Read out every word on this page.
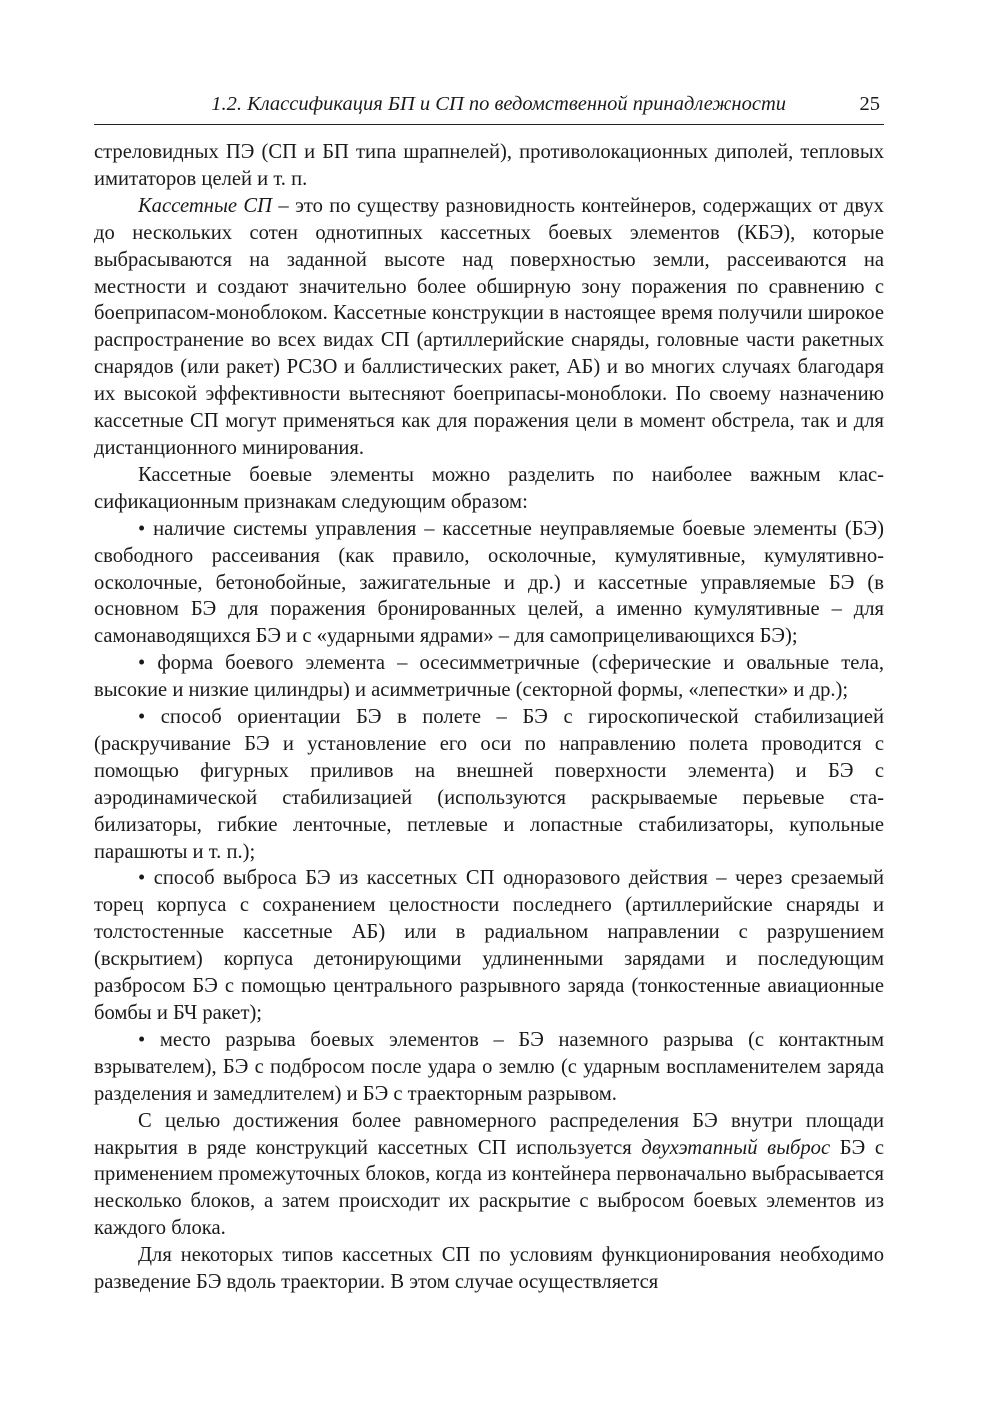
1.2. Классификация БП и СП по ведомственной принадлежности	25

стреловидных ПЭ (СП и БП типа шрапнелей), противолокационных диполей, тепловых имитаторов целей и т. п.

Кассетные СП – это по существу разновидность контейнеров, содержащих от двух до нескольких сотен однотипных кассетных боевых элементов (КБЭ), которые выбрасываются на заданной высоте над поверхностью земли, рассеиваются на местности и создают значительно более обширную зону поражения по сравнению с боеприпасом-моноблоком. Кассетные конструкции в настоящее время получили широкое распространение во всех видах СП (артиллерийские снаряды, головные части ракетных снарядов (или ракет) РСЗО и баллистических ракет, АБ) и во многих случаях благодаря их высокой эффективности вытесняют боеприпасы-моноблоки. По своему назначению кассетные СП могут применяться как для поражения цели в момент обстрела, так и для дистанционного минирования.

Кассетные боевые элементы можно разделить по наиболее важным классификационным признакам следующим образом:

• наличие системы управления – кассетные неуправляемые боевые элементы (БЭ) свободного рассеивания (как правило, осколочные, кумулятивные, кумулятивно-осколочные, бетонобойные, зажигательные и др.) и кассетные управляемые БЭ (в основном БЭ для поражения бронированных целей, а именно кумулятивные – для самонаводящихся БЭ и с «ударными ядрами» – для самоприцеливающихся БЭ);

• форма боевого элемента – осесимметричные (сферические и овальные тела, высокие и низкие цилиндры) и асимметричные (секторной формы, «лепестки» и др.);

• способ ориентации БЭ в полете – БЭ с гироскопической стабилизацией (раскручивание БЭ и установление его оси по направлению полета проводится с помощью фигурных приливов на внешней поверхности элемента) и БЭ с аэродинамической стабилизацией (используются раскрываемые перьевые стабилизаторы, гибкие ленточные, петлевые и лопастные стабилизаторы, купольные парашюты и т. п.);

• способ выброса БЭ из кассетных СП одноразового действия – через срезаемый торец корпуса с сохранением целостности последнего (артиллерийские снаряды и толстостенные кассетные АБ) или в радиальном направлении с разрушением (вскрытием) корпуса детонирующими удлиненными зарядами и последующим разбросом БЭ с помощью центрального разрывного заряда (тонкостенные авиационные бомбы и БЧ ракет);

• место разрыва боевых элементов – БЭ наземного разрыва (с контактным взрывателем), БЭ с подбросом после удара о землю (с ударным воспламенителем заряда разделения и замедлителем) и БЭ с траекторным разрывом.

С целью достижения более равномерного распределения БЭ внутри площади накрытия в ряде конструкций кассетных СП используется двухэтапный выброс БЭ с применением промежуточных блоков, когда из контейнера первоначально выбрасывается несколько блоков, а затем происходит их раскрытие с выбросом боевых элементов из каждого блока.

Для некоторых типов кассетных СП по условиям функционирования необходимо разведение БЭ вдоль траектории. В этом случае осуществляется
